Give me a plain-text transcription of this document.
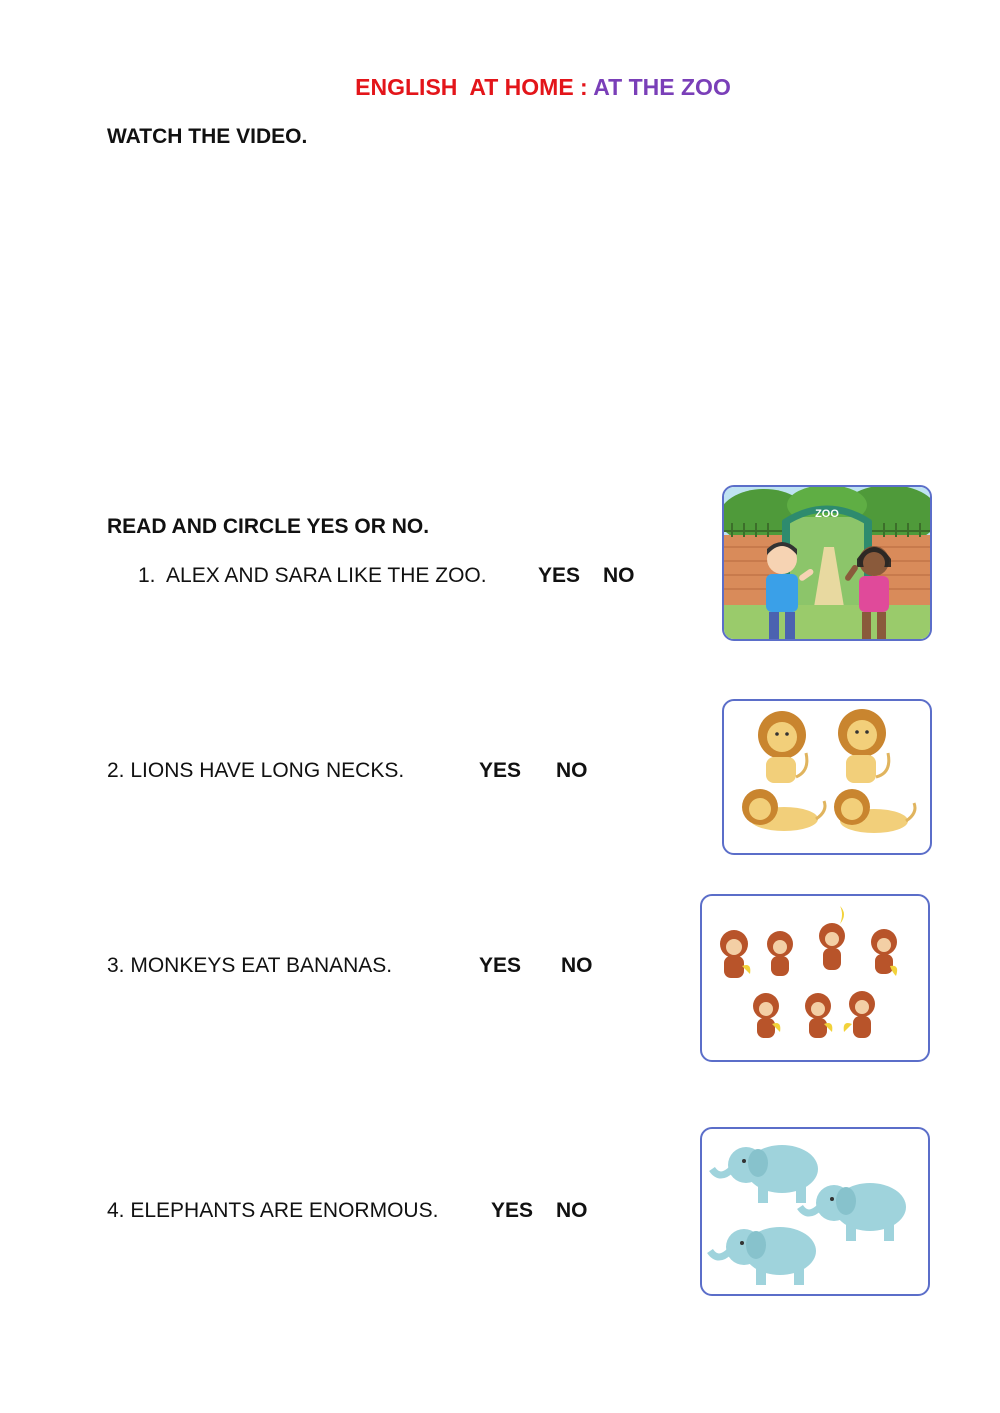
ENGLISH  AT HOME : AT THE ZOO
WATCH THE VIDEO.
READ AND CIRCLE YES OR NO.
1.  ALEX AND SARA LIKE THE ZOO. YES NO
2. LIONS HAVE LONG NECKS.	YES NO
3. MONKEYS EAT BANANAS.	YES NO
4. ELEPHANTS ARE ENORMOUS.	YES NO
ZOO
